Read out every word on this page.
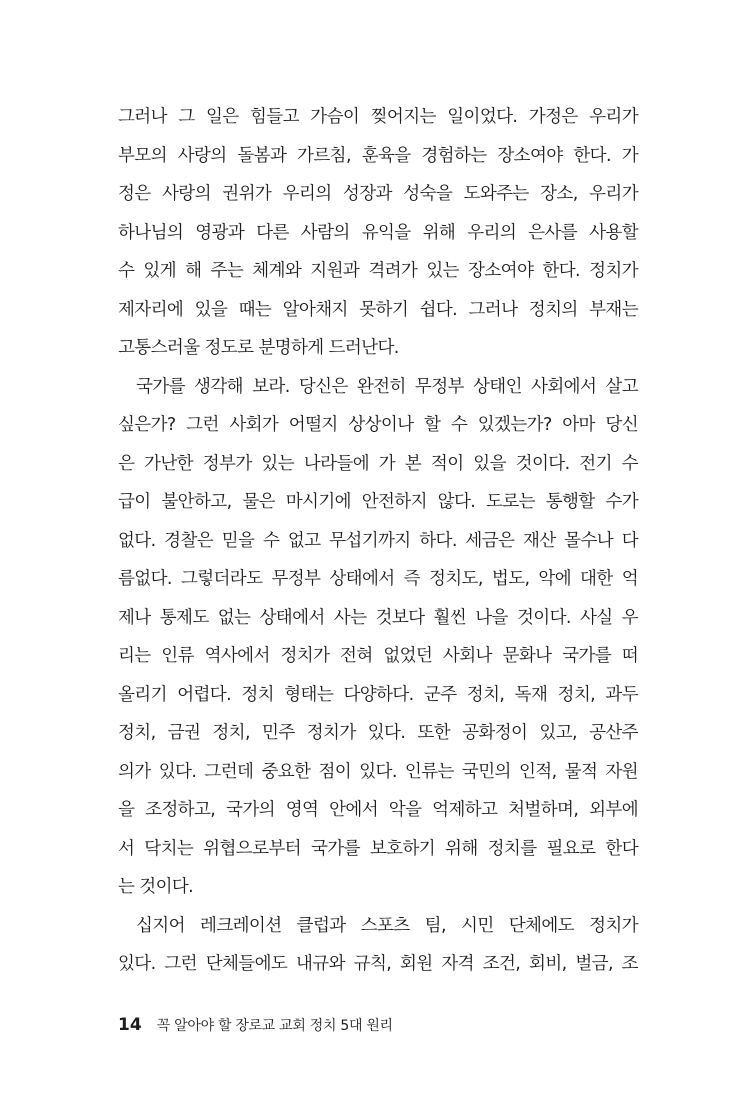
그러나 그 일은 힘들고 가슴이 찢어지는 일이었다. 가정은 우리가
부모의 사랑의 돌봄과 가르침, 훈육을 경험하는 장소여야 한다. 가
정은 사랑의 권위가 우리의 성장과 성숙을 도와주는 장소, 우리가
하나님의 영광과 다른 사람의 유익을 위해 우리의 은사를 사용할
수 있게 해 주는 체계와 지원과 격려가 있는 장소여야 한다. 정치가
제자리에 있을 때는 알아채지 못하기 쉽다. 그러나 정치의 부재는
고통스러울 정도로 분명하게 드러난다.
국가를 생각해 보라. 당신은 완전히 무정부 상태인 사회에서 살고
싶은가? 그런 사회가 어떨지 상상이나 할 수 있겠는가? 아마 당신
은 가난한 정부가 있는 나라들에 가 본 적이 있을 것이다. 전기 수
급이 불안하고, 물은 마시기에 안전하지 않다. 도로는 통행할 수가
없다. 경찰은 믿을 수 없고 무섭기까지 하다. 세금은 재산 몰수나 다
름없다. 그렇더라도 무정부 상태에서 즉 정치도, 법도, 악에 대한 억
제나 통제도 없는 상태에서 사는 것보다 훨씬 나을 것이다. 사실 우
리는 인류 역사에서 정치가 전혀 없었던 사회나 문화나 국가를 떠
올리기 어렵다. 정치 형태는 다양하다. 군주 정치, 독재 정치, 과두
정치, 금권 정치, 민주 정치가 있다. 또한 공화정이 있고, 공산주
의가 있다. 그런데 중요한 점이 있다. 인류는 국민의 인적, 물적 자원
을 조정하고, 국가의 영역 안에서 악을 억제하고 처벌하며, 외부에
서 닥치는 위협으로부터 국가를 보호하기 위해 정치를 필요로 한다
는 것이다.
십지어 레크레이션 클럽과 스포츠 팀, 시민 단체에도 정치가
있다. 그런 단체들에도 내규와 규칙, 회원 자격 조건, 회비, 벌금, 조
14 꼭 알아야 할 장로교 교회 정치 5대 원리
